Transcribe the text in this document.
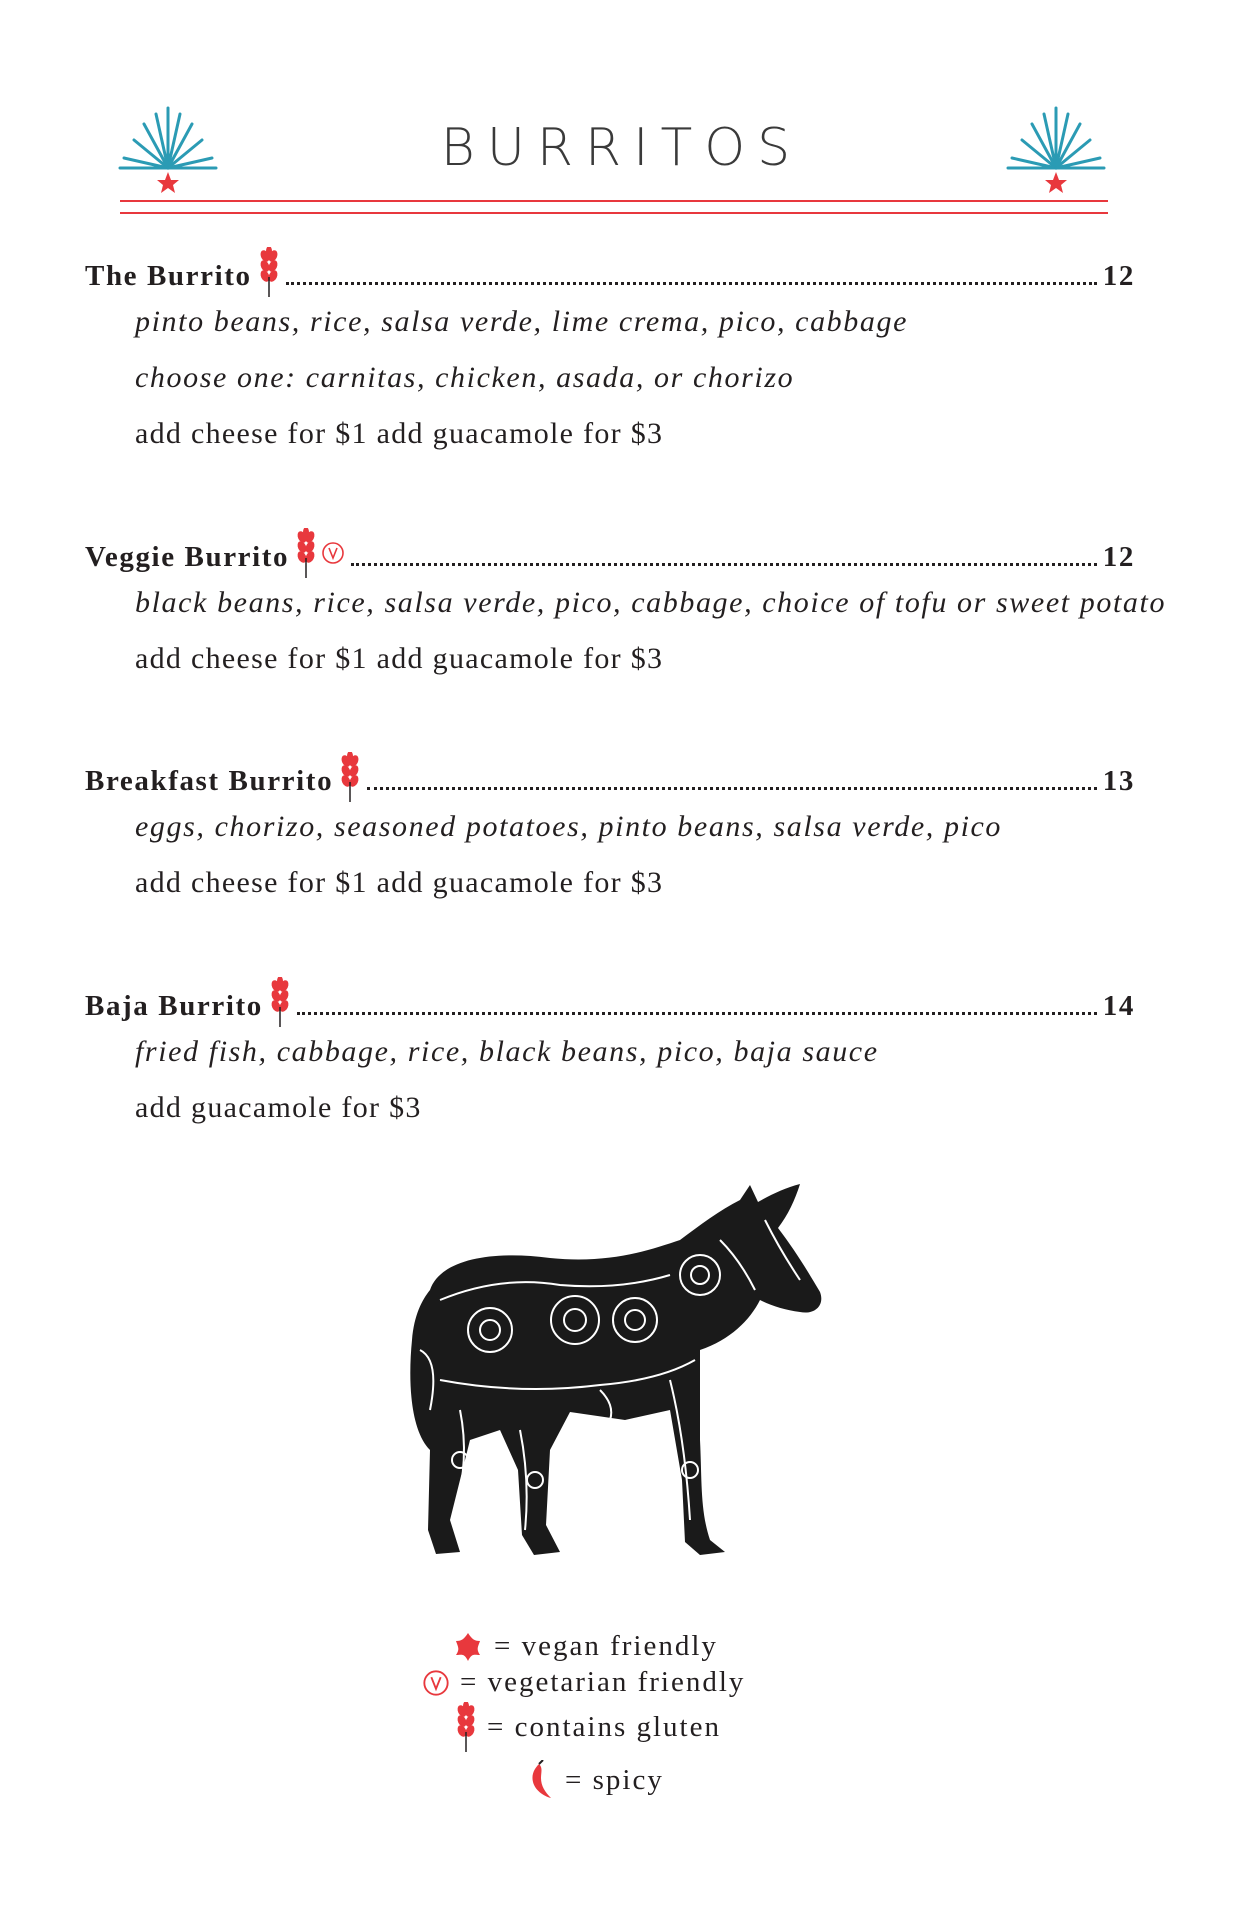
BURRITOS
The Burrito	12
pinto beans, rice, salsa verde, lime crema, pico, cabbage
choose one: carnitas, chicken, asada, or chorizo
add cheese for $1 add guacamole for $3
Veggie Burrito	12
black beans, rice, salsa verde, pico, cabbage, choice of tofu or sweet potato
add cheese for $1 add guacamole for $3
Breakfast Burrito	13
eggs, chorizo, seasoned potatoes, pinto beans, salsa verde, pico
add cheese for $1 add guacamole for $3
Baja Burrito	14
fried fish, cabbage, rice, black beans, pico, baja sauce
add guacamole for $3
= vegan friendly
= vegetarian friendly
= contains gluten
= spicy
